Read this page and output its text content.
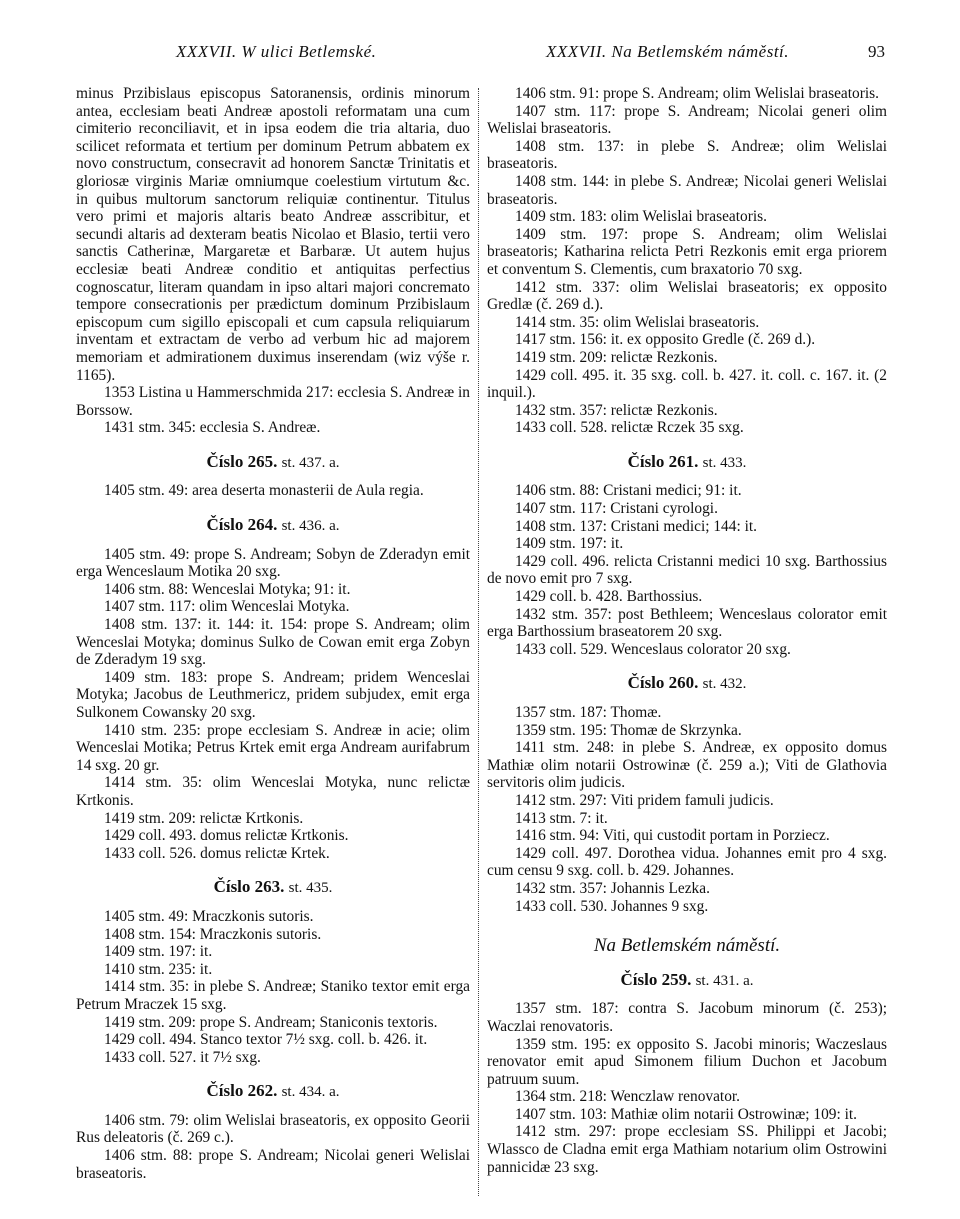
XXXVII. W ulici Betlemské.	XXXVII. Na Betlemském náměstí.	93

minus Przibislaus episcopus Satoranensis, ordinis minorum antea, ecclesiam beati Andreæ apostoli reformatam una cum cimiterio reconciliavit, et in ipsa eodem die tria altaria, duo scilicet reformata et tertium per dominum Petrum abbatem ex novo constructum, consecravit ad honorem Sanctæ Trinitatis et gloriosæ virginis Mariæ omniumque coelestium virtutum &c. in quibus multorum sanctorum reliquiæ continentur. Titulus vero primi et majoris altaris beato Andreæ asscribitur, et secundi altaris ad dexteram beatis Nicolao et Blasio, tertii vero sanctis Catherinæ, Margaretæ et Barbaræ. Ut autem hujus ecclesiæ beati Andreæ conditio et antiquitas perfectius cognoscatur, literam quandam in ipso altari majori concremato tempore consecrationis per prædictum dominum Przibislaum episcopum cum sigillo episcopali et cum capsula reliquiarum inventam et extractam de verbo ad verbum hic ad majorem memoriam et admirationem duximus inserendam (wiz výše r. 1165).

1353 Listina u Hammerschmida 217: ecclesia S. Andreæ in Borssow.

1431 stm. 345: ecclesia S. Andreæ.

Číslo 265. st. 437. a.

1405 stm. 49: area deserta monasterii de Aula regia.

Číslo 264. st. 436. a.

1405 stm. 49: prope S. Andream; Sobyn de Zderadyn emit erga Wenceslaum Motika 20 sxg.

1406 stm. 88: Wenceslai Motyka; 91: it.

1407 stm. 117: olim Wenceslai Motyka.

1408 stm. 137: it. 144: it. 154: prope S. Andream; olim Wenceslai Motyka; dominus Sulko de Cowan emit erga Zobyn de Zderadym 19 sxg.

1409 stm. 183: prope S. Andream; pridem Wenceslai Motyka; Jacobus de Leuthmericz, pridem subjudex, emit erga Sulkonem Cowansky 20 sxg.

1410 stm. 235: prope ecclesiam S. Andreæ in acie; olim Wenceslai Motika; Petrus Krtek emit erga Andream aurifabrum 14 sxg. 20 gr.

1414 stm. 35: olim Wenceslai Motyka, nunc relictæ Krtkonis.

1419 stm. 209: relictæ Krtkonis.

1429 coll. 493. domus relictæ Krtkonis.

1433 coll. 526. domus relictæ Krtek.

Číslo 263. st. 435.

1405 stm. 49: Mraczkonis sutoris.

1408 stm. 154: Mraczkonis sutoris.

1409 stm. 197: it.

1410 stm. 235: it.

1414 stm. 35: in plebe S. Andreæ; Staniko textor emit erga Petrum Mraczek 15 sxg.

1419 stm. 209: prope S. Andream; Staniconis textoris.

1429 coll. 494. Stanco textor 7½ sxg. coll. b. 426. it.

1433 coll. 527. it 7½ sxg.

Číslo 262. st. 434. a.

1406 stm. 79: olim Welislai braseatoris, ex opposito Georii Rus deleatoris (č. 269 c.).

1406 stm. 88: prope S. Andream; Nicolai generi Welislai braseatoris.

1406 stm. 91: prope S. Andream; olim Welislai braseatoris.

1407 stm. 117: prope S. Andream; Nicolai generi olim Welislai braseatoris.

1408 stm. 137: in plebe S. Andreæ; olim Welislai braseatoris.

1408 stm. 144: in plebe S. Andreæ; Nicolai generi Welislai braseatoris.

1409 stm. 183: olim Welislai braseatoris.

1409 stm. 197: prope S. Andream; olim Welislai braseatoris; Katharina relicta Petri Rezkonis emit erga priorem et conventum S. Clementis, cum braxatorio 70 sxg.

1412 stm. 337: olim Welislai braseatoris; ex opposito Gredlæ (č. 269 d.).

1414 stm. 35: olim Welislai braseatoris.

1417 stm. 156: it. ex opposito Gredle (č. 269 d.).

1419 stm. 209: relictæ Rezkonis.

1429 coll. 495. it. 35 sxg. coll. b. 427. it. coll. c. 167. it. (2 inquil.).

1432 stm. 357: relictæ Rezkonis.

1433 coll. 528. relictæ Rczek 35 sxg.

Číslo 261. st. 433.

1406 stm. 88: Cristani medici; 91: it.

1407 stm. 117: Cristani cyrologi.

1408 stm. 137: Cristani medici; 144: it.

1409 stm. 197: it.

1429 coll. 496. relicta Cristanni medici 10 sxg. Barthossius de novo emit pro 7 sxg.

1429 coll. b. 428. Barthossius.

1432 stm. 357: post Bethleem; Wenceslaus colorator emit erga Barthossium braseatorem 20 sxg.

1433 coll. 529. Wenceslaus colorator 20 sxg.

Číslo 260. st. 432.

1357 stm. 187: Thomæ.

1359 stm. 195: Thomæ de Skrzynka.

1411 stm. 248: in plebe S. Andreæ, ex opposito domus Mathiæ olim notarii Ostrowinæ (č. 259 a.); Viti de Glathovia servitoris olim judicis.

1412 stm. 297: Viti pridem famuli judicis.

1413 stm. 7: it.

1416 stm. 94: Viti, qui custodit portam in Porziecz.

1429 coll. 497. Dorothea vidua. Johannes emit pro 4 sxg. cum censu 9 sxg. coll. b. 429. Johannes.

1432 stm. 357: Johannis Lezka.

1433 coll. 530. Johannes 9 sxg.

Na Betlemském náměstí.
Číslo 259. st. 431. a.

1357 stm. 187: contra S. Jacobum minorum (č. 253); Waczlai renovatoris.

1359 stm. 195: ex opposito S. Jacobi minoris; Waczeslaus renovator emit apud Simonem filium Duchon et Jacobum patruum suum.

1364 stm. 218: Wenczlaw renovator.

1407 stm. 103: Mathiæ olim notarii Ostrowinæ; 109: it.

1412 stm. 297: prope ecclesiam SS. Philippi et Jacobi; Wlassco de Cladna emit erga Mathiam notarium olim Ostrowini pannicidæ 23 sxg.
